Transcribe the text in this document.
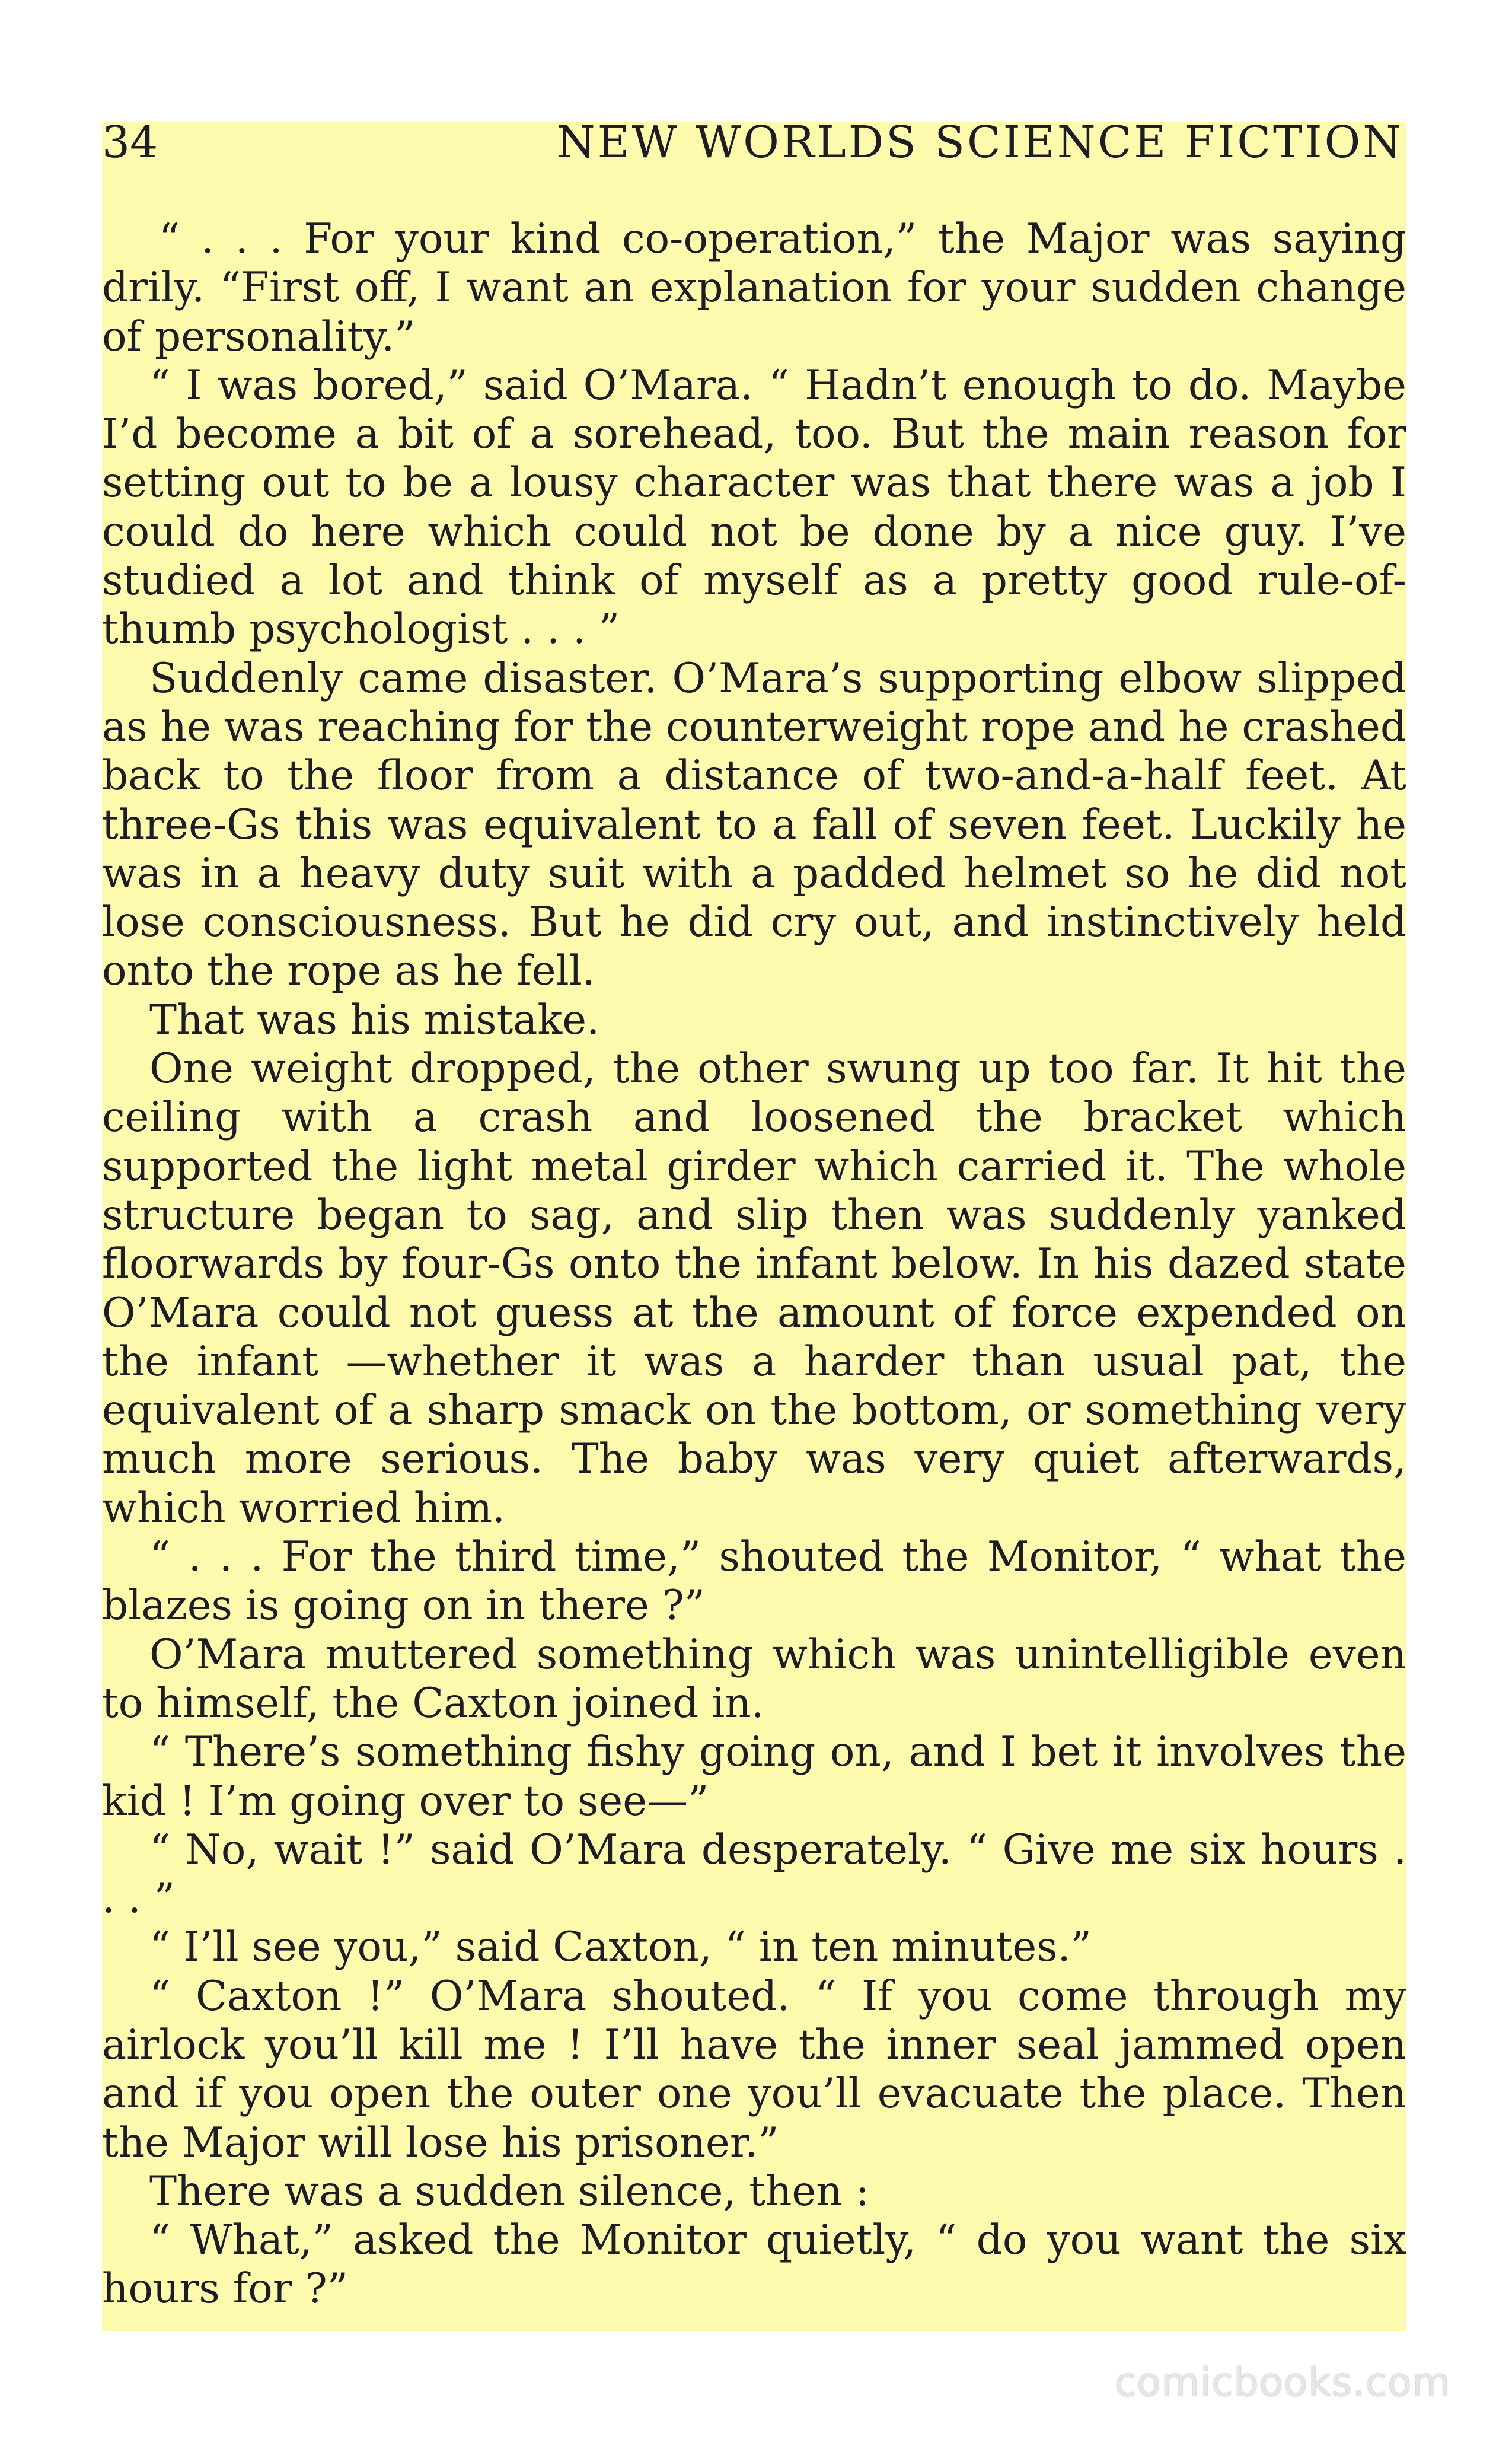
34	NEW WORLDS SCIENCE FICTION

“ . . . For your kind co-operation,” the Major was saying drily. “First off, I want an explanation for your sudden change of personality.”

“ I was bored,” said O’Mara. “ Hadn’t enough to do. Maybe I’d become a bit of a sorehead, too. But the main reason for setting out to be a lousy character was that there was a job I could do here which could not be done by a nice guy. I’ve studied a lot and think of myself as a pretty good rule-of-thumb psychologist . . . ”

Suddenly came disaster. O’Mara’s supporting elbow slipped as he was reaching for the counterweight rope and he crashed back to the floor from a distance of two-and-a-half feet. At three-Gs this was equivalent to a fall of seven feet. Luckily he was in a heavy duty suit with a padded helmet so he did not lose consciousness. But he did cry out, and instinctively held onto the rope as he fell.

That was his mistake.

One weight dropped, the other swung up too far. It hit the ceiling with a crash and loosened the bracket which supported the light metal girder which carried it. The whole structure began to sag, and slip then was suddenly yanked floorwards by four-Gs onto the infant below. In his dazed state O’Mara could not guess at the amount of force expended on the infant —whether it was a harder than usual pat, the equivalent of a sharp smack on the bottom, or something very much more serious. The baby was very quiet afterwards, which worried him.

“ . . . For the third time,” shouted the Monitor, “ what the blazes is going on in there ?”

O’Mara muttered something which was unintelligible even to himself, the Caxton joined in.

“ There’s something fishy going on, and I bet it involves the kid ! I’m going over to see—”

“ No, wait !” said O’Mara desperately. “ Give me six hours . . . ”

“ I’ll see you,” said Caxton, “ in ten minutes.”

“ Caxton !” O’Mara shouted. “ If you come through my airlock you’ll kill me ! I’ll have the inner seal jammed open and if you open the outer one you’ll evacuate the place. Then the Major will lose his prisoner.”

There was a sudden silence, then :

“ What,” asked the Monitor quietly, “ do you want the six hours for ?”

comicbooks.com
